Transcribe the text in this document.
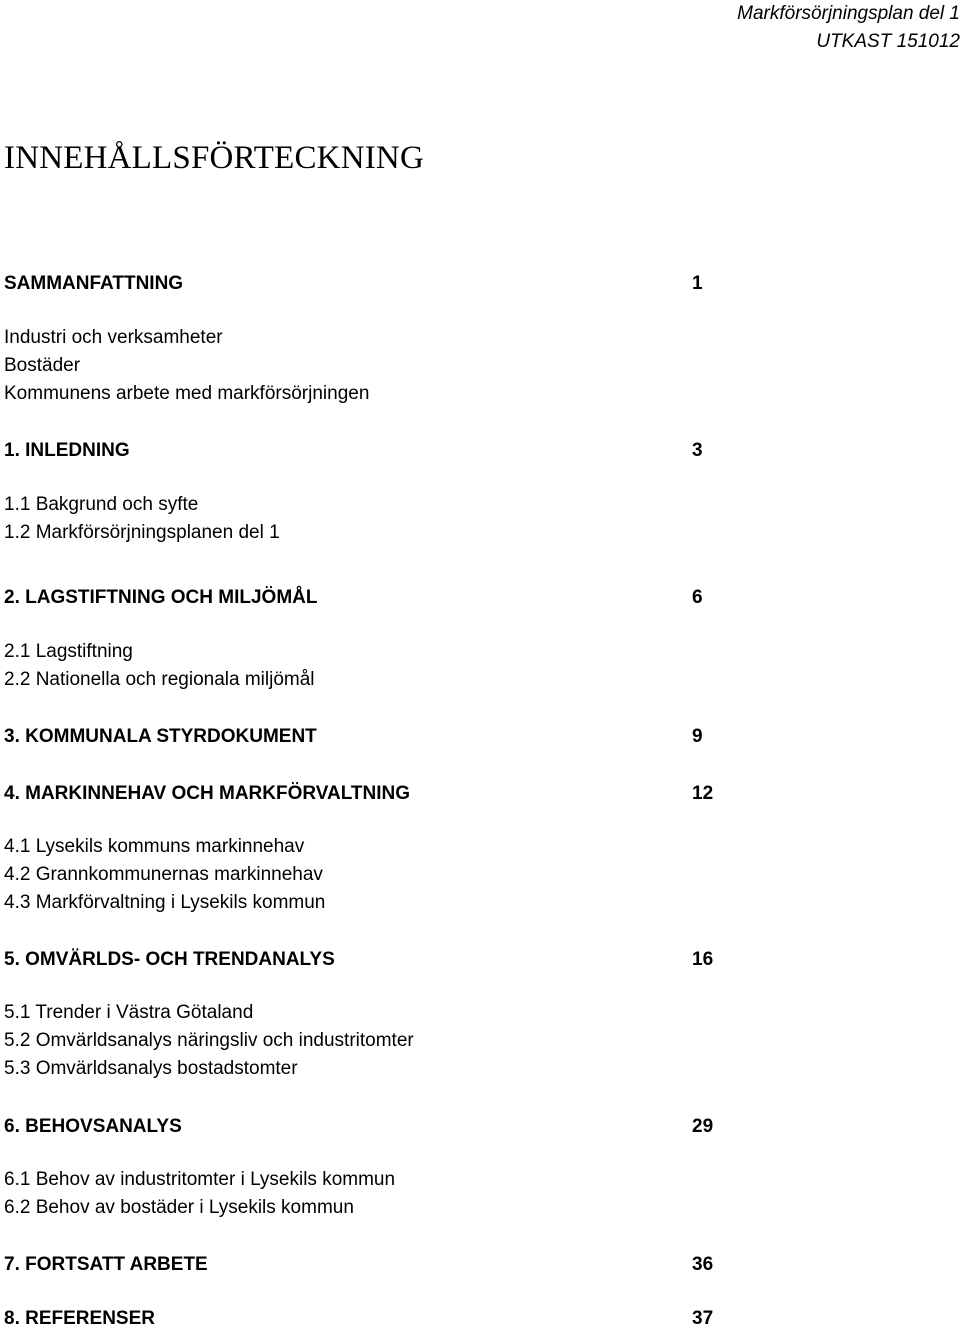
Markförsörjningsplan del 1
UTKAST 151012
INNEHÅLLSFÖRTECKNING
SAMMANFATTNING	1
Industri och verksamheter
Bostäder
Kommunens arbete med markförsörjningen
1. INLEDNING	3
1.1 Bakgrund och syfte
1.2 Markförsörjningsplanen del 1
2. LAGSTIFTNING OCH MILJÖMÅL	6
2.1 Lagstiftning
2.2 Nationella och regionala miljömål
3. KOMMUNALA STYRDOKUMENT	9
4. MARKINNEHAV OCH MARKFÖRVALTNING	12
4.1 Lysekils kommuns markinnehav
4.2 Grannkommunernas markinnehav
4.3 Markförvaltning i Lysekils kommun
5. OMVÄRLDS- OCH TRENDANALYS	16
5.1 Trender i Västra Götaland
5.2 Omvärldsanalys näringsliv och industritomter
5.3 Omvärldsanalys bostadstomter
6. BEHOVSANALYS	29
6.1 Behov av industritomter i Lysekils kommun
6.2 Behov av bostäder i Lysekils kommun
7. FORTSATT ARBETE	36
8. REFERENSER	37
